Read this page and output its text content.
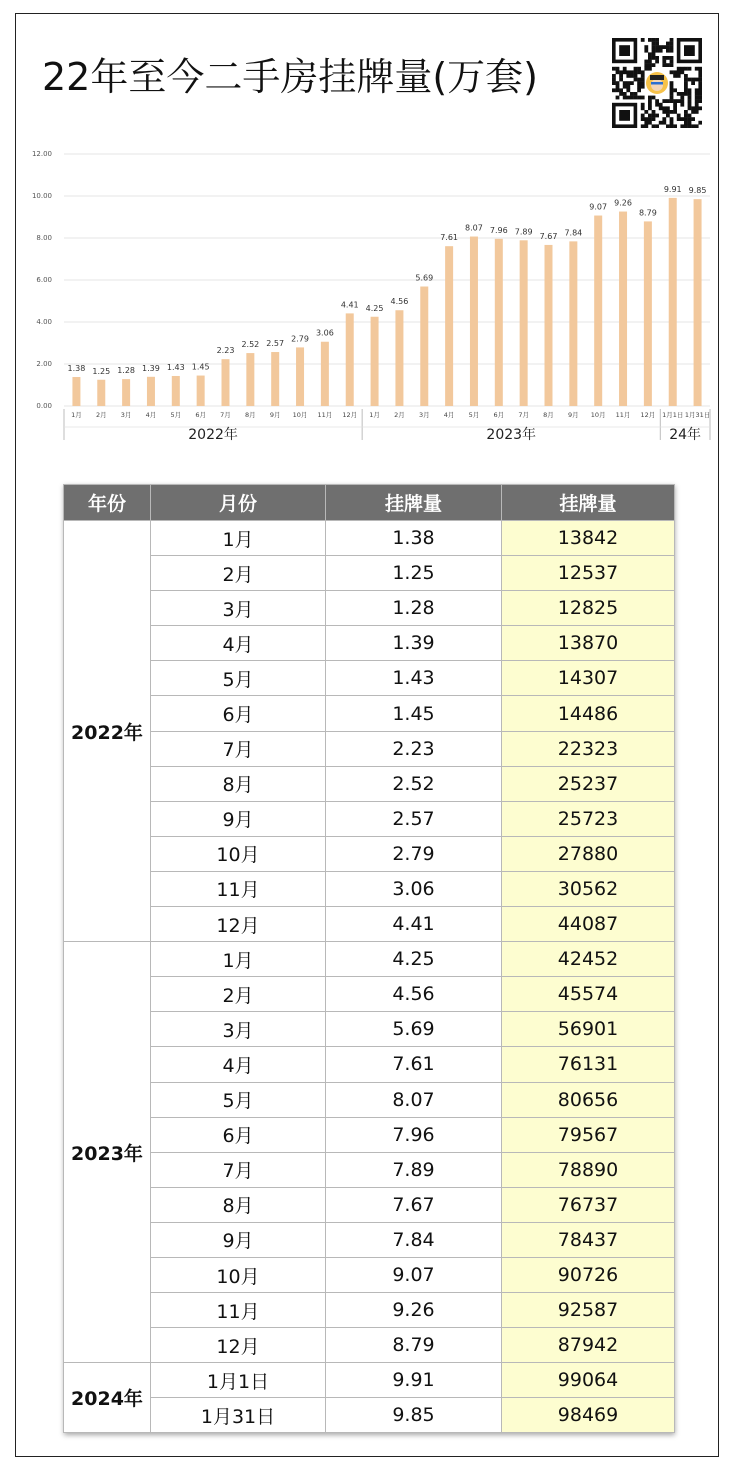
22年至今二手房挂牌量(万套)
0.00
2.00
4.00
6.00
8.00
10.00
12.00
1.38
1月
1.25
2月
1.28
3月
1.39
4月
1.43
5月
1.45
6月
2.23
7月
2.52
8月
2.57
9月
2.79
10月
3.06
11月
4.41
12月
4.25
1月
4.56
2月
5.69
3月
7.61
4月
8.07
5月
7.96
6月
7.89
7月
7.67
8月
7.84
9月
9.07
10月
9.26
11月
8.79
12月
9.91
1月1日
9.85
1月31日
2022年	2023年	24年
年份	月份	挂牌量	挂牌量
2022年	1月	1.38	13842
	2月	1.25	12537
	3月	1.28	12825
	4月	1.39	13870
	5月	1.43	14307
	6月	1.45	14486
	7月	2.23	22323
	8月	2.52	25237
	9月	2.57	25723
	10月	2.79	27880
	11月	3.06	30562
	12月	4.41	44087
2023年	1月	4.25	42452
	2月	4.56	45574
	3月	5.69	56901
	4月	7.61	76131
	5月	8.07	80656
	6月	7.96	79567
	7月	7.89	78890
	8月	7.67	76737
	9月	7.84	78437
	10月	9.07	90726
	11月	9.26	92587
	12月	8.79	87942
2024年	1月1日	9.91	99064
	1月31日	9.85	98469
